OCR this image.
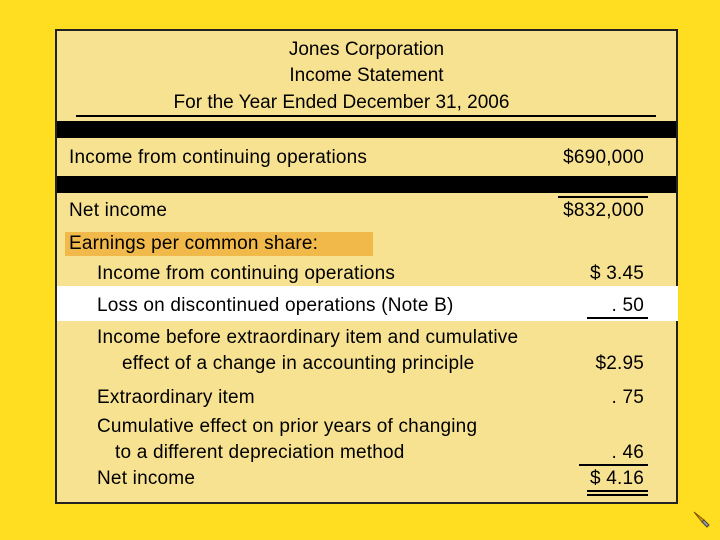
Jones Corporation
Income Statement
For the Year Ended December 31, 2006
Income from continuing operations	$690,000
Net income	$832,000
Earnings per common share:
Income from continuing operations	$ 3.45
Loss on discontinued operations (Note B)	. 50
Income before extraordinary item and cumulative
effect of a change in accounting principle	$2.95
Extraordinary item	. 75
Cumulative effect on prior years of changing
to a different depreciation method	. 46
Net income	$ 4.16
